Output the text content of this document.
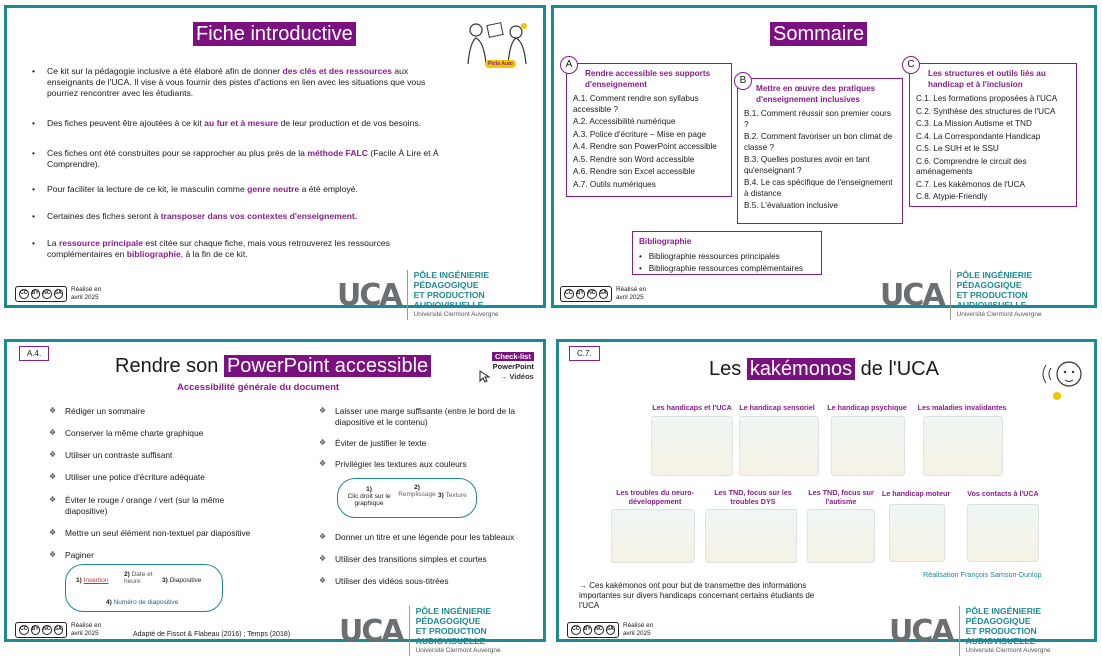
Fiche introductive
Picto Auto
• Ce kit sur la pédagogie inclusive a été élaboré afin de donner des clés et des ressources aux enseignants de l'UCA. Il vise à vous fournir des pistes d'actions en lien avec les situations que vous pourriez rencontrer avec les étudiants.
• Des fiches peuvent être ajoutées à ce kit au fur et à mesure de leur production et de vos besoins.
• Ces fiches ont été construites pour se rapprocher au plus près de la méthode FALC (Facile À Lire et À Comprendre).
• Pour faciliter la lecture de ce kit, le masculin comme genre neutre a été employé.
• Certaines des fiches seront à transposer dans vos contextes d'enseignement.
• La ressource principale est citée sur chaque fiche, mais vous retrouverez les ressources complémentaires en bibliographie, à la fin de ce kit.
CC BY NC SA Réalisé en
avril 2025	UCA
PÔLE INGÉNIERIE PÉDAGOGIQUE
ET PRODUCTION AUDIOVISUELLE
Université Clermont Auvergne
Sommaire
Rendre accessible ses supports d'enseignement
A.1. Comment rendre son syllabus accessible ?
A.2. Accessibilité numérique
A.3. Police d'écriture – Mise en page
A.4. Rendre son PowerPoint accessible
A.5. Rendre son Word accessible
A.6. Rendre son Excel accessible
A.7. Outils numériques
A
Mettre en œuvre des pratiques d'enseignement inclusives
B.1. Comment réussir son premier cours ?
B.2. Comment favoriser un bon climat de classe ?
B.3. Quelles postures avoir en tant qu'enseignant ?
B.4. Le cas spécifique de l'enseignement à distance
B.5. L'évaluation inclusive
B
Les structures et outils liés au handicap et à l'inclusion
C.1. Les formations proposées à l'UCA
C.2. Synthèse des structures de l'UCA
C.3. La Mission Autisme et TND
C.4. La Correspondante Handicap
C.5. Le SUH et le SSU
C.6. Comprendre le circuit des aménagements
C.7. Les kakémonos de l'UCA
C.8. Atypie-Friendly
C
Bibliographie
•   Bibliographie ressources principales
•   Bibliographie ressources complémentaires
CC BY NC SA Réalisé en
avril 2025	UCA
PÔLE INGÉNIERIE PÉDAGOGIQUE
ET PRODUCTION AUDIOVISUELLE
Université Clermont Auvergne
A.4.
Rendre son PowerPoint accessible
Accessibilité générale du document
Check-list
PowerPoint
→ Vidéos
❖ Rédiger un sommaire
❖ Conserver la même charte graphique
❖ Utiliser un contraste suffisant
❖ Utiliser une police d'écriture adéquate
❖ Éviter le rouge / orange / vert (sur la même diapositive)
❖ Mettre un seul élément non-textuel par diapositive
❖ Paginer
❖ Laisser une marge suffisante (entre le bord de la diapositive et le contenu)
❖ Éviter de justifier le texte
❖ Privilégier les textures aux couleurs
❖ Donner un titre et une légende pour les tableaux
❖ Utiliser des transitions simples et courtes
❖ Utiliser des vidéos sous-titrées
1)
Clic droit sur le graphique
2)
Remplissage 3) Texture
1) Insertion
2) Date et heure	3) Diapositive
4) Numéro de diapositive
CC BY NC SA Réalisé en
avril 2025	Adapté de Fissot & Flabeau (2016) ; Temps (2018) UCA
PÔLE INGÉNIERIE PÉDAGOGIQUE
ET PRODUCTION AUDIOVISUELLE
Université Clermont Auvergne
C.7.
Les kakémonos de l'UCA
Les handicaps et l'UCA	Le handicap sensoriel	Le handicap psychique	Les maladies invalidantes
Les troubles du neuro-développement
Les TND, focus sur les troubles DYS
Les TND, focus sur l'autisme
Le handicap moteur	Vos contacts à l'UCA
Réalisation François Samson-Dunlop
→ Ces kakémonos ont pour but de transmettre des informations importantes sur divers handicaps concernant certains étudiants de l'UCA
CC BY NC SA Réalisé en
avril 2025	UCA
PÔLE INGÉNIERIE PÉDAGOGIQUE
ET PRODUCTION AUDIOVISUELLE
Université Clermont Auvergne
